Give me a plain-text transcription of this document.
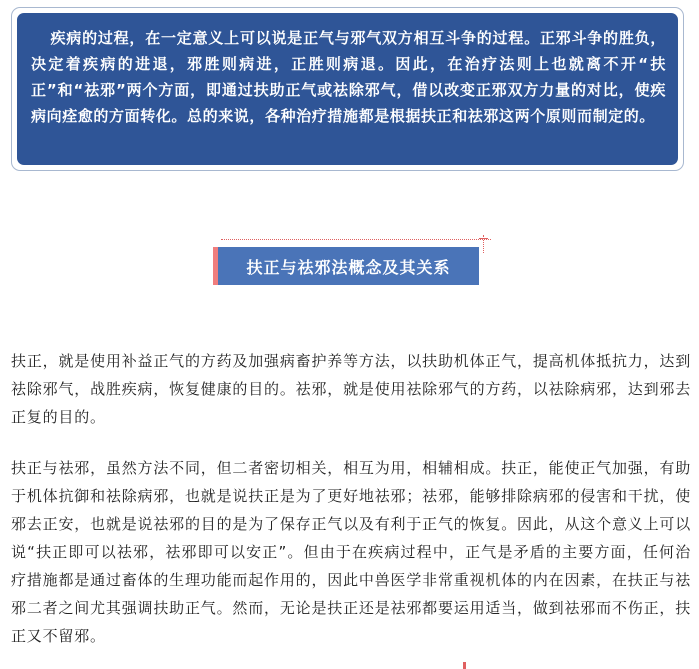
疾病的过程，在一定意义上可以说是正气与邪气双方相互斗争的过程。正邪斗争的胜负，决定着疾病的进退，邪胜则病进，正胜则病退。因此，在治疗法则上也就离不开“扶正”和“祛邪”两个方面，即通过扶助正气或祛除邪气，借以改变正邪双方力量的对比，使疾病向痊愈的方面转化。总的来说，各种治疗措施都是根据扶正和祛邪这两个原则而制定的。

扶正与祛邪法概念及其关系

扶正，就是使用补益正气的方药及加强病畜护养等方法，以扶助机体正气，提高机体抵抗力，达到祛除邪气，战胜疾病，恢复健康的目的。祛邪，就是使用祛除邪气的方药，以祛除病邪，达到邪去正复的目的。

扶正与祛邪，虽然方法不同，但二者密切相关，相互为用，相辅相成。扶正，能使正气加强，有助于机体抗御和祛除病邪，也就是说扶正是为了更好地祛邪；祛邪，能够排除病邪的侵害和干扰，使邪去正安，也就是说祛邪的目的是为了保存正气以及有利于正气的恢复。因此，从这个意义上可以说“扶正即可以祛邪，祛邪即可以安正”。但由于在疾病过程中，正气是矛盾的主要方面，任何治疗措施都是通过畜体的生理功能而起作用的，因此中兽医学非常重视机体的内在因素，在扶正与祛邪二者之间尤其强调扶助正气。然而，无论是扶正还是祛邪都要运用适当，做到祛邪而不伤正，扶正又不留邪。
